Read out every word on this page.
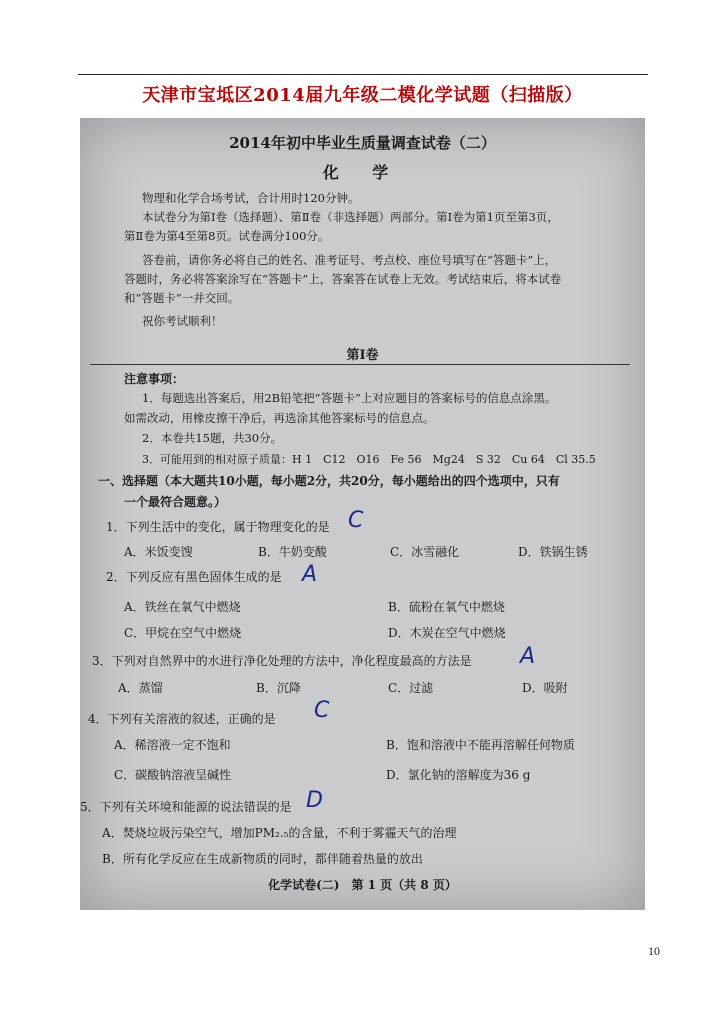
天津市宝坻区2014届九年级二模化学试题（扫描版）
2014年初中毕业生质量调查试卷（二）
化 学
物理和化学合场考试，合计用时120分钟。
本试卷分为第Ⅰ卷（选择题）、第Ⅱ卷（非选择题）两部分。第Ⅰ卷为第1页至第3页，
第Ⅱ卷为第4至第8页。试卷满分100分。
答卷前，请你务必将自己的姓名、准考证号、考点校、座位号填写在“答题卡”上，
答题时，务必将答案涂写在“答题卡”上，答案答在试卷上无效。考试结束后，将本试卷
和“答题卡”一并交回。
祝你考试顺利！
第Ⅰ卷
注意事项：
1．每题选出答案后，用2B铅笔把“答题卡”上对应题目的答案标号的信息点涂黑。
如需改动，用橡皮擦干净后，再选涂其他答案标号的信息点。
2．本卷共15题，共30分。
3．可能用到的相对原子质量：H 1　C12　O16　Fe 56　Mg24　S 32　Cu 64　Cl 35.5
一、选择题（本大题共10小题，每小题2分，共20分，每小题给出的四个选项中，只有
一个最符合题意。）
1．下列生活中的变化，属于物理变化的是 C
A．米饭变馊	B．牛奶变酸	C．冰雪融化	D．铁锅生锈
2．下列反应有黑色固体生成的是 A
A．铁丝在氧气中燃烧	B．硫粉在氧气中燃烧
C．甲烷在空气中燃烧	D．木炭在空气中燃烧
3．下列对自然界中的水进行净化处理的方法中，净化程度最高的方法是 A
A．蒸馏	B．沉降	C．过滤	D．吸附
4．下列有关溶液的叙述，正确的是 C
A．稀溶液一定不饱和	B．饱和溶液中不能再溶解任何物质
C．碳酸钠溶液呈碱性	D．氯化钠的溶解度为36 g
5．下列有关环境和能源的说法错误的是 D
A．焚烧垃圾污染空气，增加PM₂.₅的含量，不利于雾霾天气的治理
B．所有化学反应在生成新物质的同时，都伴随着热量的放出
化学试卷(二)　第 1 页（共 8 页）
10
